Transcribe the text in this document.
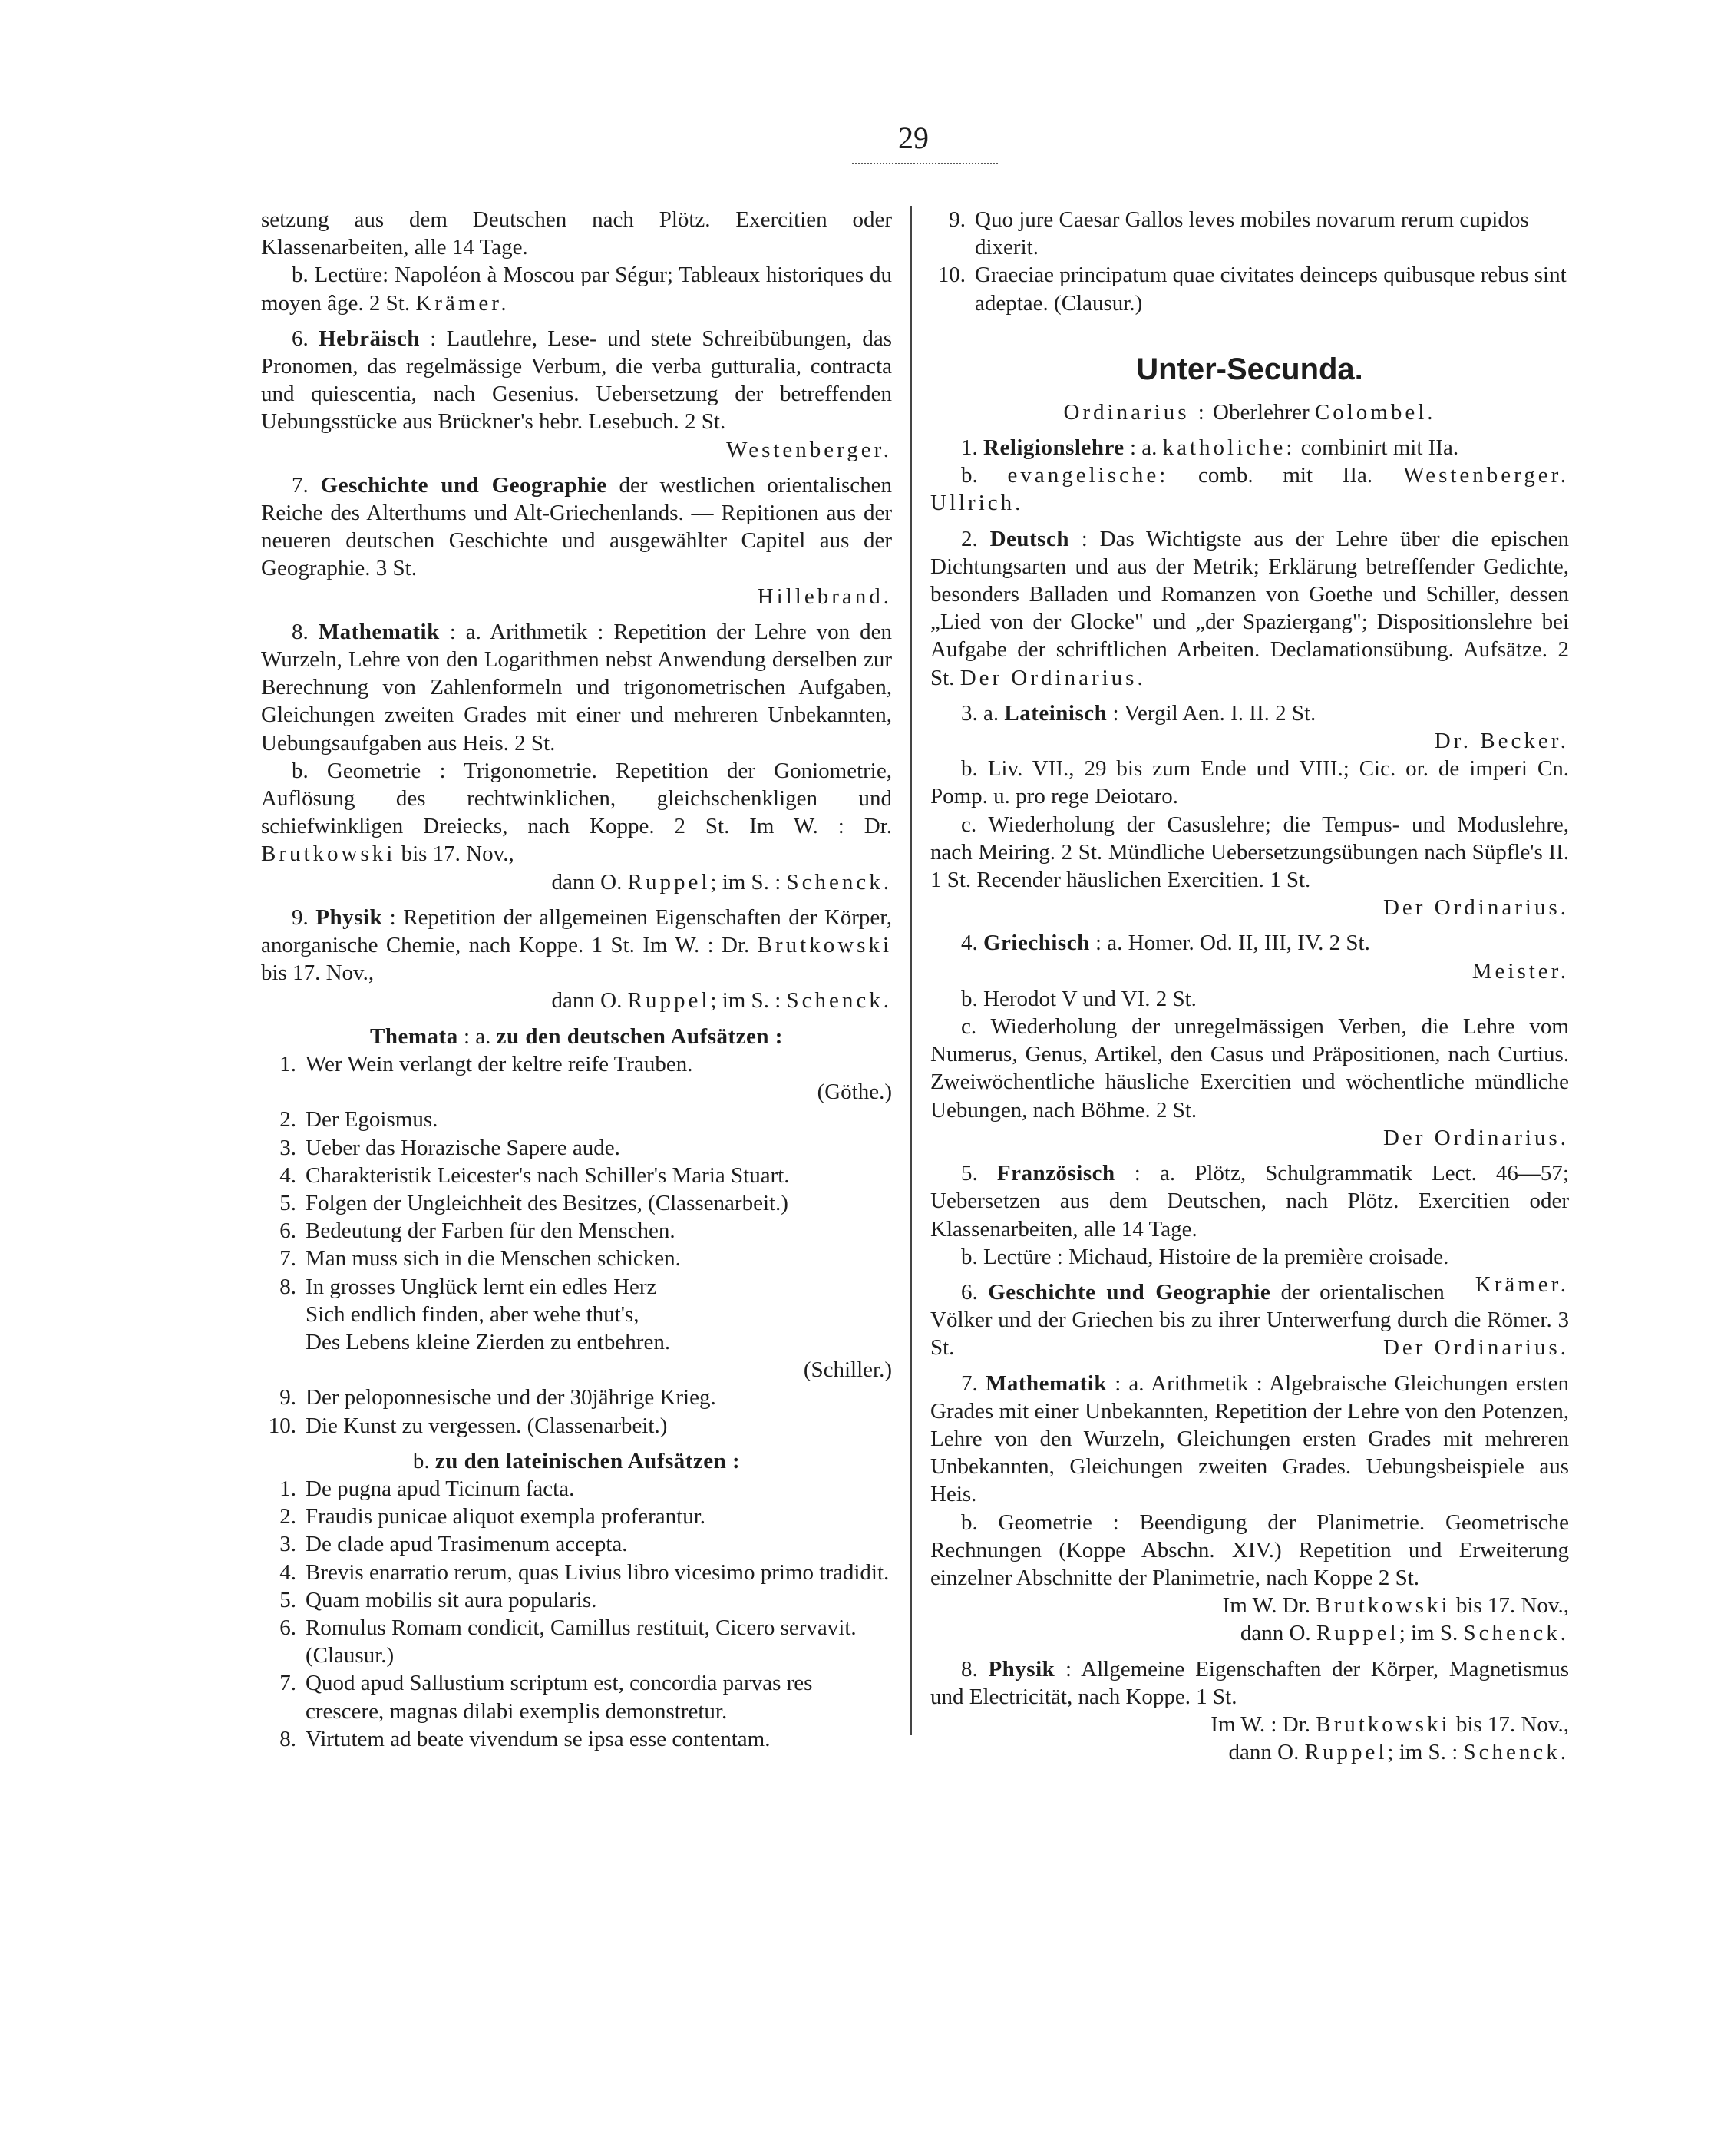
29

setzung aus dem Deutschen nach Plötz. Exercitien oder Klassenarbeiten, alle 14 Tage.

b. Lectüre: Napoléon à Moscou par Ségur; Tableaux historiques du moyen âge. 2 St. Krämer.

6. Hebräisch : Lautlehre, Lese- und stete Schreibübungen, das Pronomen, das regelmässige Verbum, die verba gutturalia, contracta und quiescentia, nach Gesenius. Uebersetzung der betreffenden Uebungsstücke aus Brückner's hebr. Lesebuch. 2 St.
Westenberger.

7. Geschichte und Geographie der westlichen orientalischen Reiche des Alterthums und Alt-Griechenlands. — Repitionen aus der neueren deutschen Geschichte und ausgewählter Capitel aus der Geographie. 3 St.
Hillebrand.

8. Mathematik : a. Arithmetik : Repetition der Lehre von den Wurzeln, Lehre von den Logarithmen nebst Anwendung derselben zur Berechnung von Zahlenformeln und trigonometrischen Aufgaben, Gleichungen zweiten Grades mit einer und mehreren Unbekannten, Uebungsaufgaben aus Heis. 2 St.

b. Geometrie : Trigonometrie. Repetition der Goniometrie, Auflösung des rechtwinklichen, gleichschenkligen und schiefwinkligen Dreiecks, nach Koppe. 2 St. Im W. : Dr. Brutkowski bis 17. Nov.,
dann O. Ruppel; im S. : Schenck.

9. Physik : Repetition der allgemeinen Eigenschaften der Körper, anorganische Chemie, nach Koppe. 1 St. Im W. : Dr. Brutkowski bis 17. Nov.,
dann O. Ruppel; im S. : Schenck.

Themata : a. zu den deutschen Aufsätzen :

1. Wer Wein verlangt der keltre reife Trauben.
(Göthe.)
2. Der Egoismus.
3. Ueber das Horazische Sapere aude.
4. Charakteristik Leicester's nach Schiller's Maria Stuart.
5. Folgen der Ungleichheit des Besitzes, (Classenarbeit.)
6. Bedeutung der Farben für den Menschen.
7. Man muss sich in die Menschen schicken.
8. In grosses Unglück lernt ein edles Herz
Sich endlich finden, aber wehe thut's,
Des Lebens kleine Zierden zu entbehren.
(Schiller.)
9. Der peloponnesische und der 30jährige Krieg.
10. Die Kunst zu vergessen. (Classenarbeit.)

b. zu den lateinischen Aufsätzen :

1. De pugna apud Ticinum facta.
2. Fraudis punicae aliquot exempla proferantur.
3. De clade apud Trasimenum accepta.
4. Brevis enarratio rerum, quas Livius libro vicesimo primo tradidit.
5. Quam mobilis sit aura popularis.
6. Romulus Romam condicit, Camillus restituit, Cicero servavit. (Clausur.)
7. Quod apud Sallustium scriptum est, concordia parvas res crescere, magnas dilabi exemplis demonstretur.
8. Virtutem ad beate vivendum se ipsa esse contentam.
9. Quo jure Caesar Gallos leves mobiles novarum rerum cupidos dixerit.
10. Graeciae principatum quae civitates deinceps quibusque rebus sint adeptae. (Clausur.)
Unter-Secunda.

Ordinarius : Oberlehrer Colombel.

1. Religionslehre : a. katholiche: combinirt mit IIa.
Westenberger.

b. evangelische: comb. mit IIa. Ullrich.

2. Deutsch : Das Wichtigste aus der Lehre über die epischen Dichtungsarten und aus der Metrik; Erklärung betreffender Gedichte, besonders Balladen und Romanzen von Goethe und Schiller, dessen „Lied von der Glocke" und „der Spaziergang"; Dispositionslehre bei Aufgabe der schriftlichen Arbeiten. Declamationsübung. Aufsätze. 2 St. Der Ordinarius.

3. a. Lateinisch : Vergil Aen. I. II. 2 St.
Dr. Becker.

b. Liv. VII., 29 bis zum Ende und VIII.; Cic. or. de imperi Cn. Pomp. u. pro rege Deiotaro.

c. Wiederholung der Casuslehre; die Tempus- und Moduslehre, nach Meiring. 2 St. Mündliche Uebersetzungsübungen nach Süpfle's II. 1 St. Recender häuslichen Exercitien. 1 St.
Der Ordinarius.

4. Griechisch : a. Homer. Od. II, III, IV. 2 St.
Meister.

b. Herodot V und VI. 2 St.

c. Wiederholung der unregelmässigen Verben, die Lehre vom Numerus, Genus, Artikel, den Casus und Präpositionen, nach Curtius. Zweiwöchentliche häusliche Exercitien und wöchentliche mündliche Uebungen, nach Böhme. 2 St.
Der Ordinarius.

5. Französisch : a. Plötz, Schulgrammatik Lect. 46—57; Uebersetzen aus dem Deutschen, nach Plötz. Exercitien oder Klassenarbeiten, alle 14 Tage.

b. Lectüre : Michaud, Histoire de la première croisade.
Krämer.

6. Geschichte und Geographie der orientalischen Völker und der Griechen bis zu ihrer Unterwerfung durch die Römer. 3 St.	Der Ordinarius.

7. Mathematik : a. Arithmetik : Algebraische Gleichungen ersten Grades mit einer Unbekannten, Repetition der Lehre von den Potenzen, Lehre von den Wurzeln, Gleichungen ersten Grades mit mehreren Unbekannten, Gleichungen zweiten Grades. Uebungsbeispiele aus Heis.

b. Geometrie : Beendigung der Planimetrie. Geometrische Rechnungen (Koppe Abschn. XIV.) Repetition und Erweiterung einzelner Abschnitte der Planimetrie, nach Koppe 2 St.
Im W. Dr. Brutkowski bis 17. Nov.,
dann O. Ruppel; im S. Schenck.

8. Physik : Allgemeine Eigenschaften der Körper, Magnetismus und Electricität, nach Koppe. 1 St.
Im W. : Dr. Brutkowski bis 17. Nov.,
dann O. Ruppel; im S. : Schenck.
